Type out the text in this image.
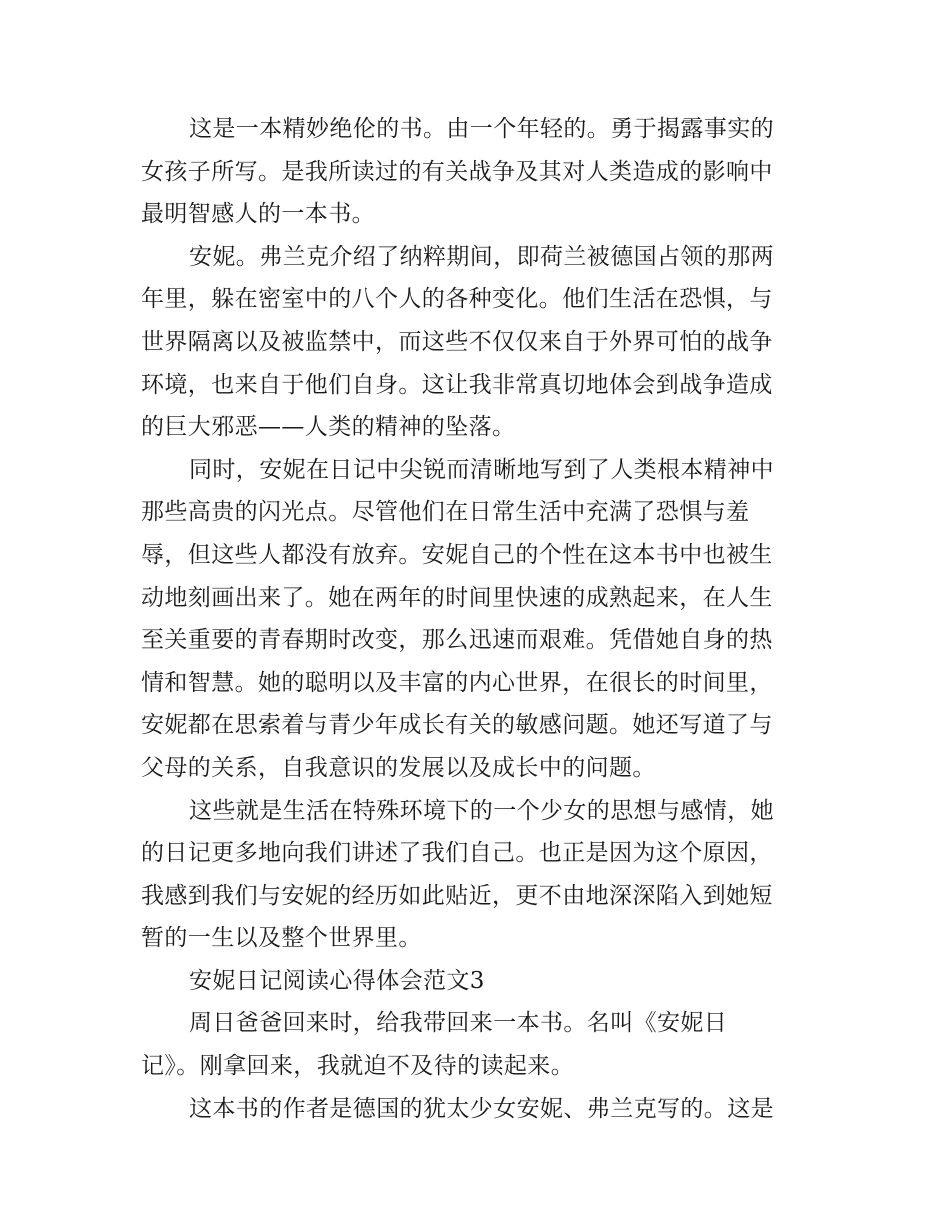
这是一本精妙绝伦的书。由一个年轻的。勇于揭露事实的
女孩子所写。是我所读过的有关战争及其对人类造成的影响中
最明智感人的一本书。
安妮。弗兰克介绍了纳粹期间，即荷兰被德国占领的那两
年里，躲在密室中的八个人的各种变化。他们生活在恐惧，与
世界隔离以及被监禁中，而这些不仅仅来自于外界可怕的战争
环境，也来自于他们自身。这让我非常真切地体会到战争造成
的巨大邪恶——人类的精神的坠落。
同时，安妮在日记中尖锐而清晰地写到了人类根本精神中
那些高贵的闪光点。尽管他们在日常生活中充满了恐惧与羞
辱，但这些人都没有放弃。安妮自己的个性在这本书中也被生
动地刻画出来了。她在两年的时间里快速的成熟起来，在人生
至关重要的青春期时改变，那么迅速而艰难。凭借她自身的热
情和智慧。她的聪明以及丰富的内心世界，在很长的时间里，
安妮都在思索着与青少年成长有关的敏感问题。她还写道了与
父母的关系，自我意识的发展以及成长中的问题。
这些就是生活在特殊环境下的一个少女的思想与感情，她
的日记更多地向我们讲述了我们自己。也正是因为这个原因，
我感到我们与安妮的经历如此贴近，更不由地深深陷入到她短
暂的一生以及整个世界里。
安妮日记阅读心得体会范文3
周日爸爸回来时，给我带回来一本书。名叫《安妮日
记》。刚拿回来，我就迫不及待的读起来。
这本书的作者是德国的犹太少女安妮、弗兰克写的。这是
